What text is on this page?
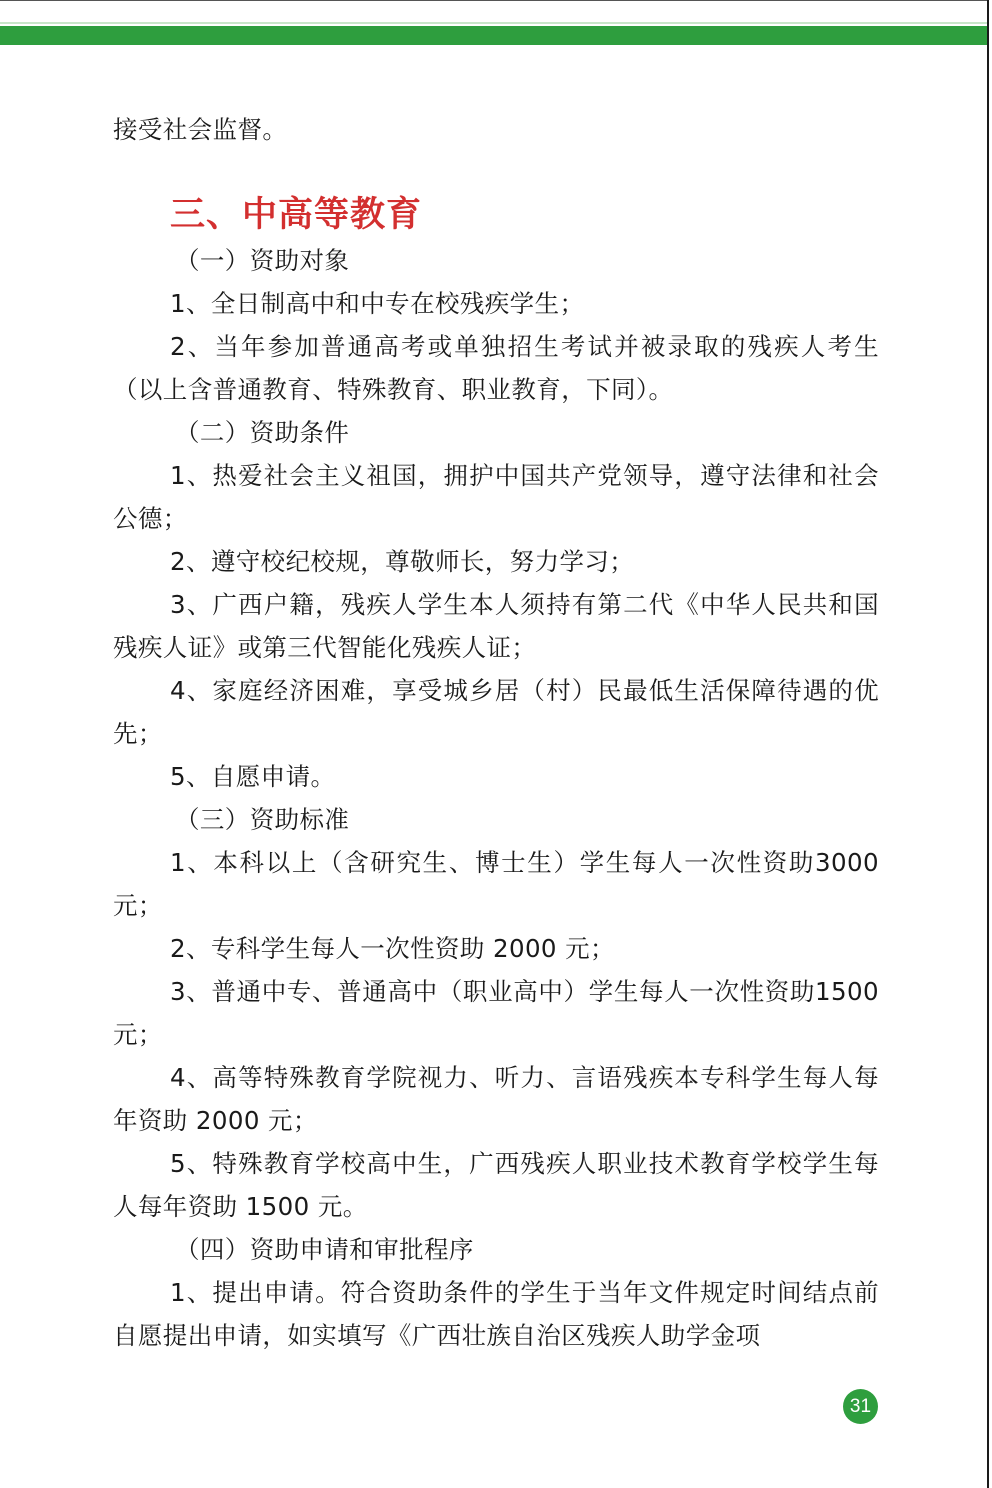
接受社会监督。

三、中高等教育

（一）资助对象

1、全日制高中和中专在校残疾学生；

2、当年参加普通高考或单独招生考试并被录取的残疾人考生（以上含普通教育、特殊教育、职业教育，下同）。

（二）资助条件

1、热爱社会主义祖国，拥护中国共产党领导，遵守法律和社会公德；

2、遵守校纪校规，尊敬师长，努力学习；

3、广西户籍，残疾人学生本人须持有第二代《中华人民共和国残疾人证》或第三代智能化残疾人证；

4、家庭经济困难，享受城乡居（村）民最低生活保障待遇的优先；

5、自愿申请。

（三）资助标准

1、本科以上（含研究生、博士生）学生每人一次性资助3000 元；

2、专科学生每人一次性资助 2000 元；

3、普通中专、普通高中（职业高中）学生每人一次性资助1500 元；

4、高等特殊教育学院视力、听力、言语残疾本专科学生每人每年资助 2000 元；

5、特殊教育学校高中生，广西残疾人职业技术教育学校学生每人每年资助 1500 元。

（四）资助申请和审批程序

1、提出申请。符合资助条件的学生于当年文件规定时间结点前自愿提出申请，如实填写《广西壮族自治区残疾人助学金项

31
